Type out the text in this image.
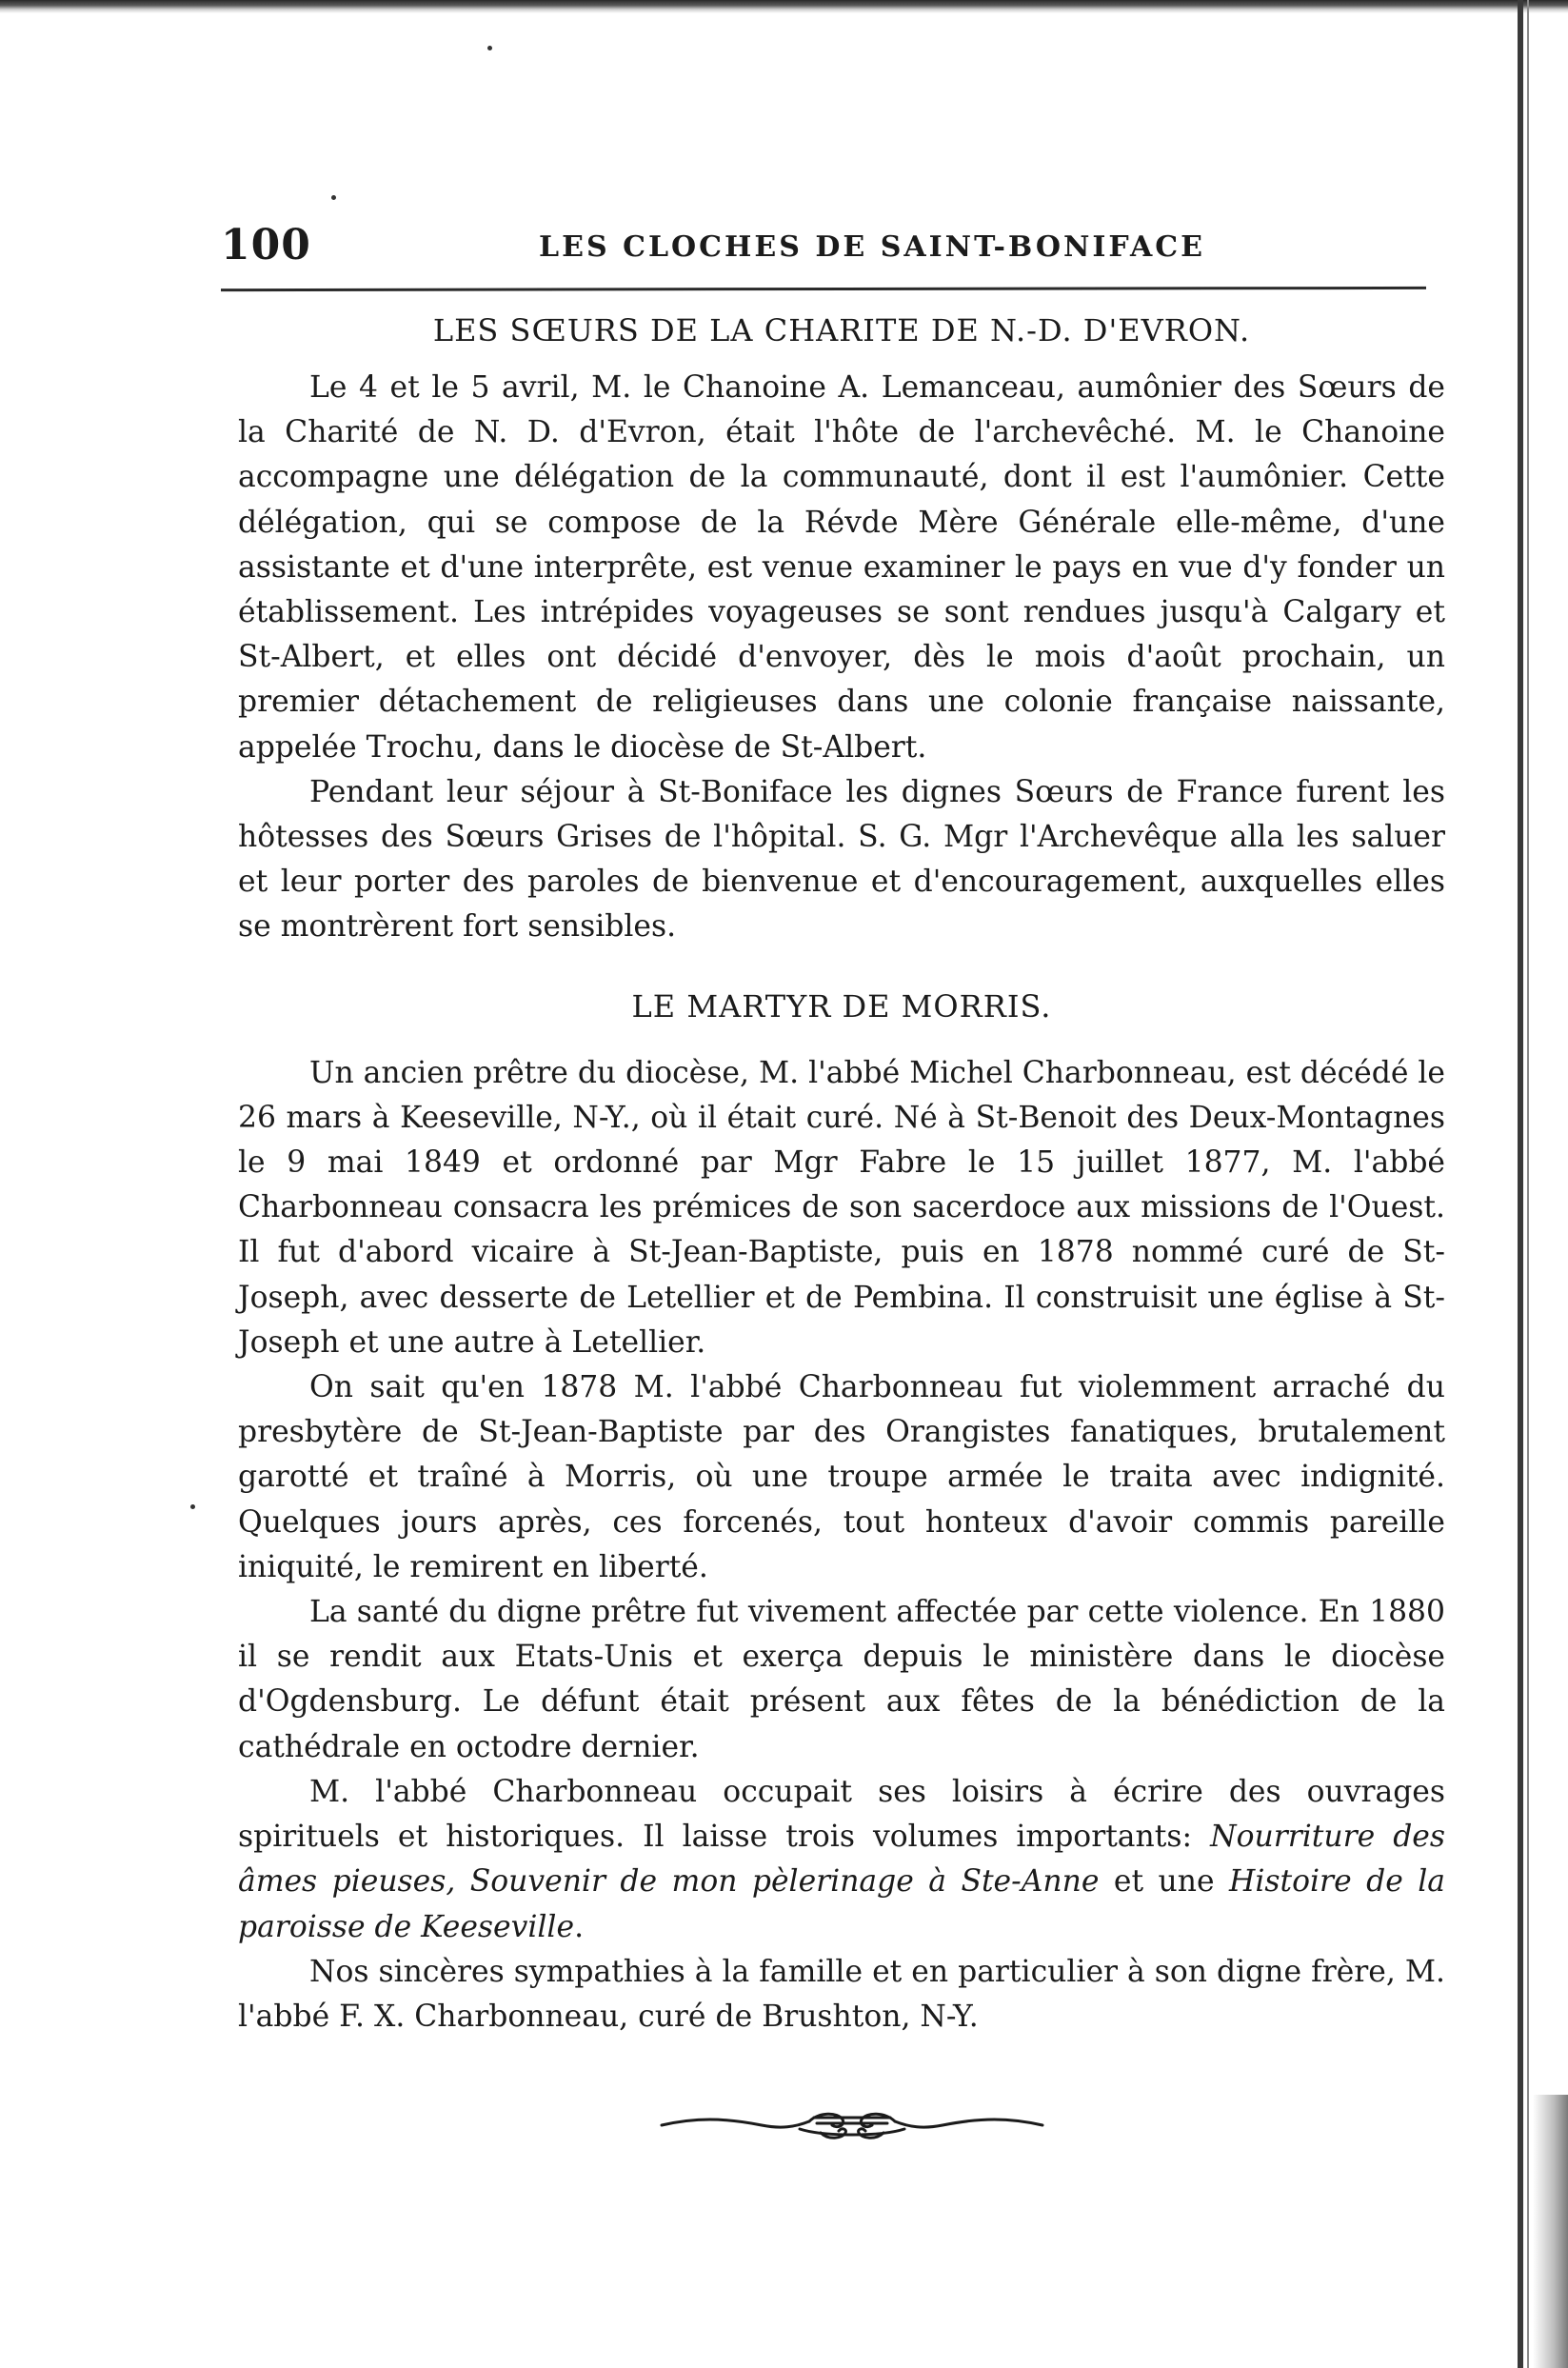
100	LES CLOCHES DE SAINT-BONIFACE
LES SŒURS DE LA CHARITE DE N.-D. D'EVRON.

Le 4 et le 5 avril, M. le Chanoine A. Lemanceau, aumônier des Sœurs de la Charité de N. D. d'Evron, était l'hôte de l'archevêché. M. le Chanoine accompagne une délégation de la communauté, dont il est l'aumônier. Cette délégation, qui se compose de la Révde Mère Générale elle-même, d'une assistante et d'une interprête, est venue examiner le pays en vue d'y fonder un établissement. Les intrépides voyageuses se sont rendues jusqu'à Calgary et St-Albert, et elles ont décidé d'envoyer, dès le mois d'août prochain, un premier détachement de religieuses dans une colonie française naissante, appelée Trochu, dans le diocèse de St-Albert.

Pendant leur séjour à St-Boniface les dignes Sœurs de France furent les hôtesses des Sœurs Grises de l'hôpital. S. G. Mgr l'Archevêque alla les saluer et leur porter des paroles de bienvenue et d'encouragement, auxquelles elles se montrèrent fort sensibles.

LE MARTYR DE MORRIS.

Un ancien prêtre du diocèse, M. l'abbé Michel Charbonneau, est décédé le 26 mars à Keeseville, N-Y., où il était curé. Né à St-Benoit des Deux-Montagnes le 9 mai 1849 et ordonné par Mgr Fabre le 15 juillet 1877, M. l'abbé Charbonneau consacra les prémices de son sacerdoce aux missions de l'Ouest. Il fut d'abord vicaire à St-Jean-Baptiste, puis en 1878 nommé curé de St-Joseph, avec desserte de Letellier et de Pembina. Il construisit une église à St-Joseph et une autre à Letellier.

On sait qu'en 1878 M. l'abbé Charbonneau fut violemment arraché du presbytère de St-Jean-Baptiste par des Orangistes fanatiques, brutalement garotté et traîné à Morris, où une troupe armée le traita avec indignité. Quelques jours après, ces forcenés, tout honteux d'avoir commis pareille iniquité, le remirent en liberté.

La santé du digne prêtre fut vivement affectée par cette violence. En 1880 il se rendit aux Etats-Unis et exerça depuis le ministère dans le diocèse d'Ogdensburg. Le défunt était présent aux fêtes de la bénédiction de la cathédrale en octodre dernier.

M. l'abbé Charbonneau occupait ses loisirs à écrire des ouvrages spirituels et historiques. Il laisse trois volumes importants: Nourriture des âmes pieuses, Souvenir de mon pèlerinage à Ste-Anne et une Histoire de la paroisse de Keeseville.

Nos sincères sympathies à la famille et en particulier à son digne frère, M. l'abbé F. X. Charbonneau, curé de Brushton, N-Y.
